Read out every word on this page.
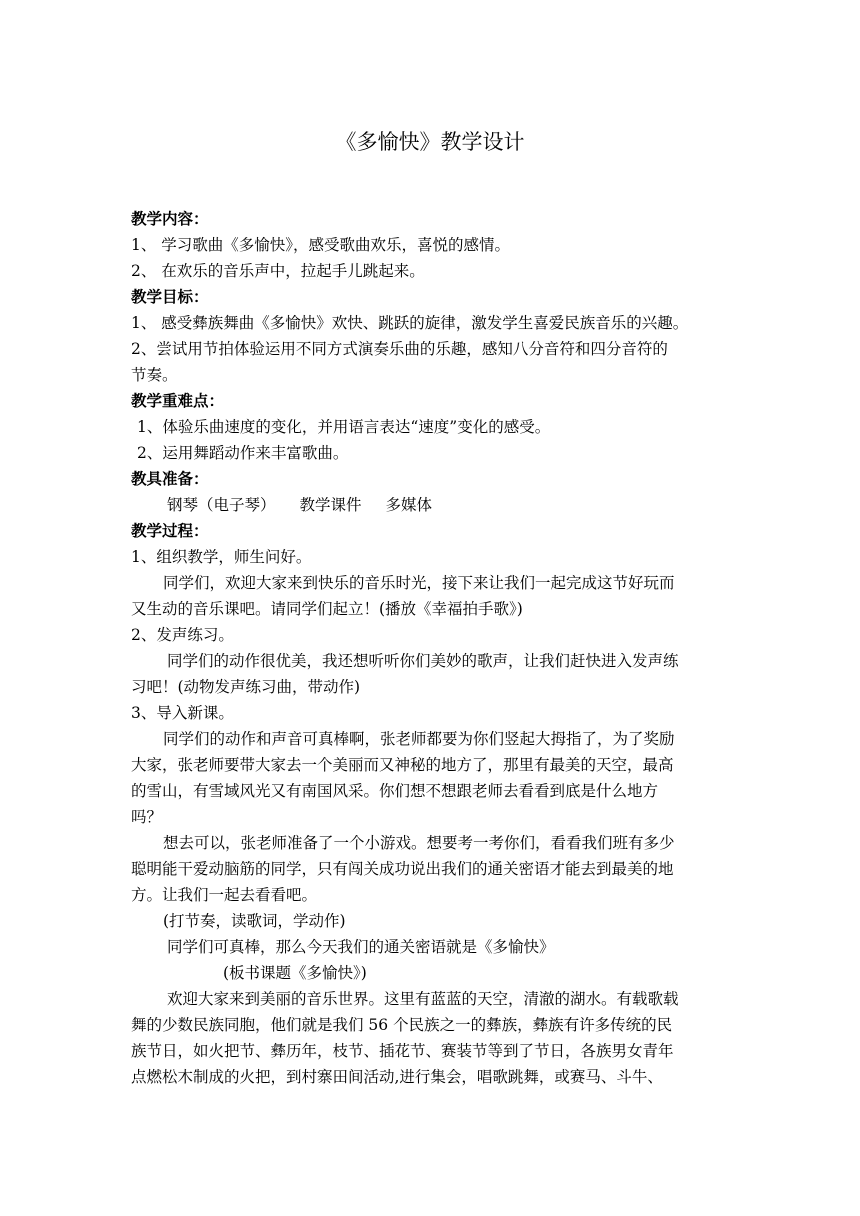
《多愉快》教学设计
教学内容：
1、 学习歌曲《多愉快》，感受歌曲欢乐，喜悦的感情。
2、 在欢乐的音乐声中，拉起手儿跳起来。
教学目标：
1、 感受彝族舞曲《多愉快》欢快、跳跃的旋律，激发学生喜爱民族音乐的兴趣。
2、尝试用节拍体验运用不同方式演奏乐曲的乐趣，感知八分音符和四分音符的
节奏。
教学重难点：
1、体验乐曲速度的变化，并用语言表达“速度”变化的感受。
2、运用舞蹈动作来丰富歌曲。
教具准备：
钢琴（电子琴） 教学课件 多媒体
教学过程：
1、组织教学，师生问好。
同学们，欢迎大家来到快乐的音乐时光，接下来让我们一起完成这节好玩而
又生动的音乐课吧。请同学们起立！(播放《幸福拍手歌》)
2、发声练习。
同学们的动作很优美，我还想听听你们美妙的歌声，让我们赶快进入发声练
习吧！(动物发声练习曲，带动作)
3、导入新课。
同学们的动作和声音可真棒啊，张老师都要为你们竖起大拇指了，为了奖励
大家，张老师要带大家去一个美丽而又神秘的地方了，那里有最美的天空，最高
的雪山，有雪域风光又有南国风采。你们想不想跟老师去看看到底是什么地方
吗？
想去可以，张老师准备了一个小游戏。想要考一考你们，看看我们班有多少
聪明能干爱动脑筋的同学，只有闯关成功说出我们的通关密语才能去到最美的地
方。让我们一起去看看吧。
(打节奏，读歌词，学动作)
同学们可真棒，那么今天我们的通关密语就是《多愉快》
(板书课题《多愉快》)
欢迎大家来到美丽的音乐世界。这里有蓝蓝的天空，清澈的湖水。有载歌载
舞的少数民族同胞，他们就是我们 56 个民族之一的彝族，彝族有许多传统的民
族节日，如火把节、彝历年，枝节、插花节、赛装节等到了节日，各族男女青年
点燃松木制成的火把，到村寨田间活动,进行集会，唱歌跳舞，或赛马、斗牛、
